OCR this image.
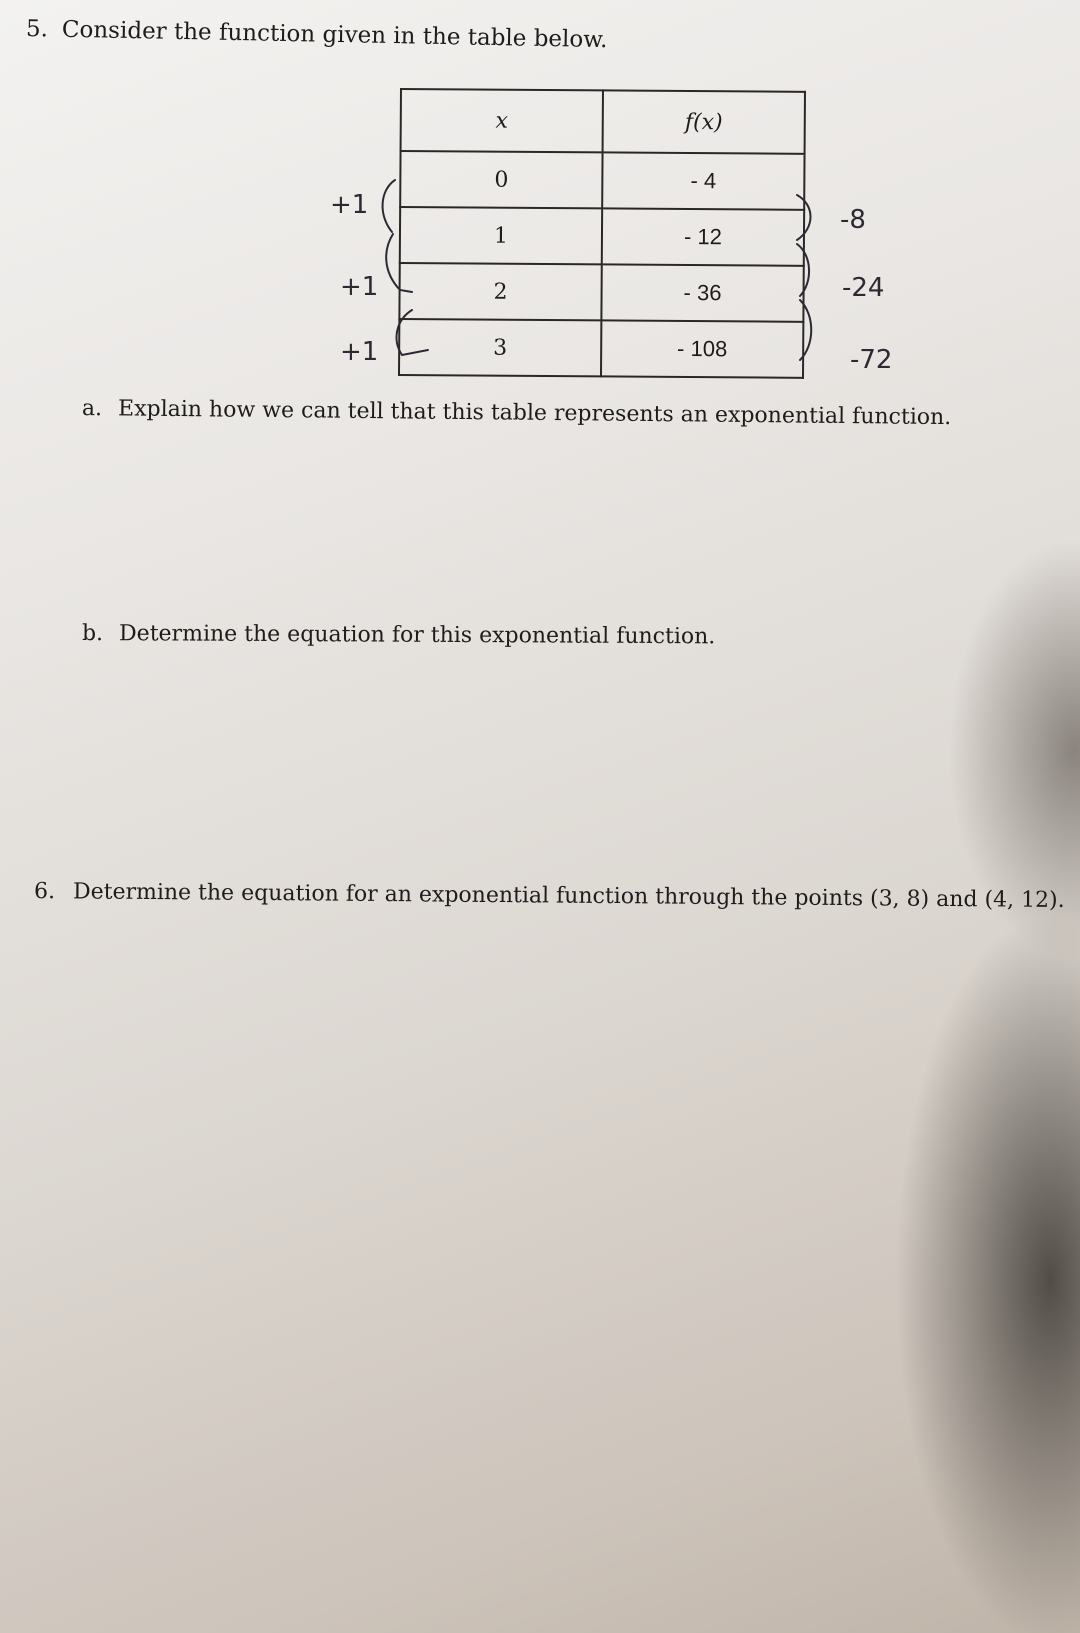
5. Consider the function given in the table below.
x	f(x)
0	- 4
1	- 12
2	- 36
3	- 108
+1
+1
+1
-8
-24
-72
a. Explain how we can tell that this table represents an exponential function.
b. Determine the equation for this exponential function.
6. Determine the equation for an exponential function through the points (3, 8) and (4, 12).
